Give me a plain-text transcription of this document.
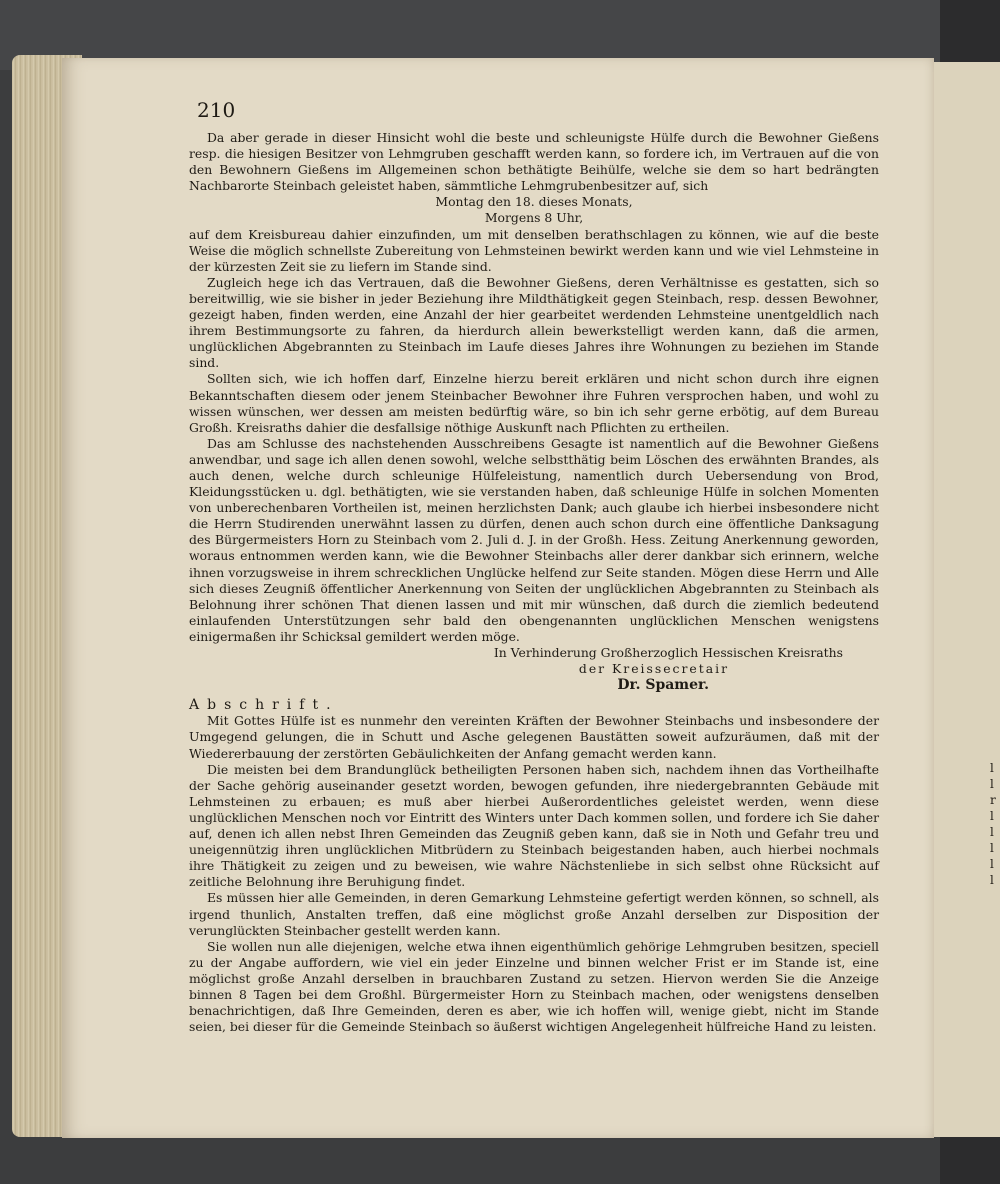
210

Da aber gerade in dieser Hinsicht wohl die beste und schleunigste Hülfe durch die Bewohner Gießens resp. die hiesigen Besitzer von Lehmgruben geschafft werden kann, so fordere ich, im Vertrauen auf die von den Bewohnern Gießens im Allgemeinen schon bethätigte Beihülfe, welche sie dem so hart bedrängten Nachbarorte Steinbach geleistet haben, sämmtliche Lehmgrubenbesitzer auf, sich

Montag den 18. dieses Monats,

Morgens 8 Uhr,

auf dem Kreisbureau dahier einzufinden, um mit denselben berathschlagen zu können, wie auf die beste Weise die möglich schnellste Zubereitung von Lehmsteinen bewirkt werden kann und wie viel Lehmsteine in der kürzesten Zeit sie zu liefern im Stande sind.

Zugleich hege ich das Vertrauen, daß die Bewohner Gießens, deren Verhältnisse es gestatten, sich so bereitwillig, wie sie bisher in jeder Beziehung ihre Mildthätigkeit gegen Steinbach, resp. dessen Bewohner, gezeigt haben, finden werden, eine Anzahl der hier gearbeitet werdenden Lehmsteine unentgeldlich nach ihrem Bestimmungsorte zu fahren, da hierdurch allein bewerkstelligt werden kann, daß die armen, unglücklichen Abgebrannten zu Steinbach im Laufe dieses Jahres ihre Wohnungen zu beziehen im Stande sind.

Sollten sich, wie ich hoffen darf, Einzelne hierzu bereit erklären und nicht schon durch ihre eignen Bekanntschaften diesem oder jenem Steinbacher Bewohner ihre Fuhren versprochen haben, und wohl zu wissen wünschen, wer dessen am meisten bedürftig wäre, so bin ich sehr gerne erbötig, auf dem Bureau Großh. Kreisraths dahier die desfallsige nöthige Auskunft nach Pflichten zu ertheilen.

Das am Schlusse des nachstehenden Ausschreibens Gesagte ist namentlich auf die Bewohner Gießens anwendbar, und sage ich allen denen sowohl, welche selbstthätig beim Löschen des erwähnten Brandes, als auch denen, welche durch schleunige Hülfeleistung, namentlich durch Uebersendung von Brod, Kleidungsstücken u. dgl. bethätigten, wie sie verstanden haben, daß schleunige Hülfe in solchen Momenten von unberechenbaren Vortheilen ist, meinen herzlichsten Dank; auch glaube ich hierbei insbesondere nicht die Herrn Studirenden unerwähnt lassen zu dürfen, denen auch schon durch eine öffentliche Danksagung des Bürgermeisters Horn zu Steinbach vom 2. Juli d. J. in der Großh. Hess. Zeitung Anerkennung geworden, woraus entnommen werden kann, wie die Bewohner Steinbachs aller derer dankbar sich erinnern, welche ihnen vorzugsweise in ihrem schrecklichen Unglücke helfend zur Seite standen. Mögen diese Herrn und Alle sich dieses Zeugniß öffentlicher Anerkennung von Seiten der unglücklichen Abgebrannten zu Steinbach als Belohnung ihrer schönen That dienen lassen und mit mir wünschen, daß durch die ziemlich bedeutend einlaufenden Unterstützungen sehr bald den obengenannten unglücklichen Menschen wenigstens einigermaßen ihr Schicksal gemildert werden möge.

In Verhinderung Großherzoglich Hessischen Kreisraths

der Kreissecretair

Dr. Spamer.

Abschrift.

Mit Gottes Hülfe ist es nunmehr den vereinten Kräften der Bewohner Steinbachs und insbesondere der Umgegend gelungen, die in Schutt und Asche gelegenen Baustätten soweit aufzuräumen, daß mit der Wiedererbauung der zerstörten Gebäulichkeiten der Anfang gemacht werden kann.

Die meisten bei dem Brandunglück betheiligten Personen haben sich, nachdem ihnen das Vortheilhafte der Sache gehörig auseinander gesetzt worden, bewogen gefunden, ihre niedergebrannten Gebäude mit Lehmsteinen zu erbauen; es muß aber hierbei Außerordentliches geleistet werden, wenn diese unglücklichen Menschen noch vor Eintritt des Winters unter Dach kommen sollen, und fordere ich Sie daher auf, denen ich allen nebst Ihren Gemeinden das Zeugniß geben kann, daß sie in Noth und Gefahr treu und uneigennützig ihren unglücklichen Mitbrüdern zu Steinbach beigestanden haben, auch hierbei nochmals ihre Thätigkeit zu zeigen und zu beweisen, wie wahre Nächstenliebe in sich selbst ohne Rücksicht auf zeitliche Belohnung ihre Beruhigung findet.

Es müssen hier alle Gemeinden, in deren Gemarkung Lehmsteine gefertigt werden können, so schnell, als irgend thunlich, Anstalten treffen, daß eine möglichst große Anzahl derselben zur Disposition der verunglückten Steinbacher gestellt werden kann.

Sie wollen nun alle diejenigen, welche etwa ihnen eigenthümlich gehörige Lehmgruben besitzen, speciell zu der Angabe auffordern, wie viel ein jeder Einzelne und binnen welcher Frist er im Stande ist, eine möglichst große Anzahl derselben in brauchbaren Zustand zu setzen. Hiervon werden Sie die Anzeige binnen 8 Tagen bei dem Großhl. Bürgermeister Horn zu Steinbach machen, oder wenigstens denselben benachrichtigen, daß Ihre Gemeinden, deren es aber, wie ich hoffen will, wenige giebt, nicht im Stande seien, bei dieser für die Gemeinde Steinbach so äußerst wichtigen Angelegenheit hülfreiche Hand zu leisten.

l
l
r
l
l
l
l
l
